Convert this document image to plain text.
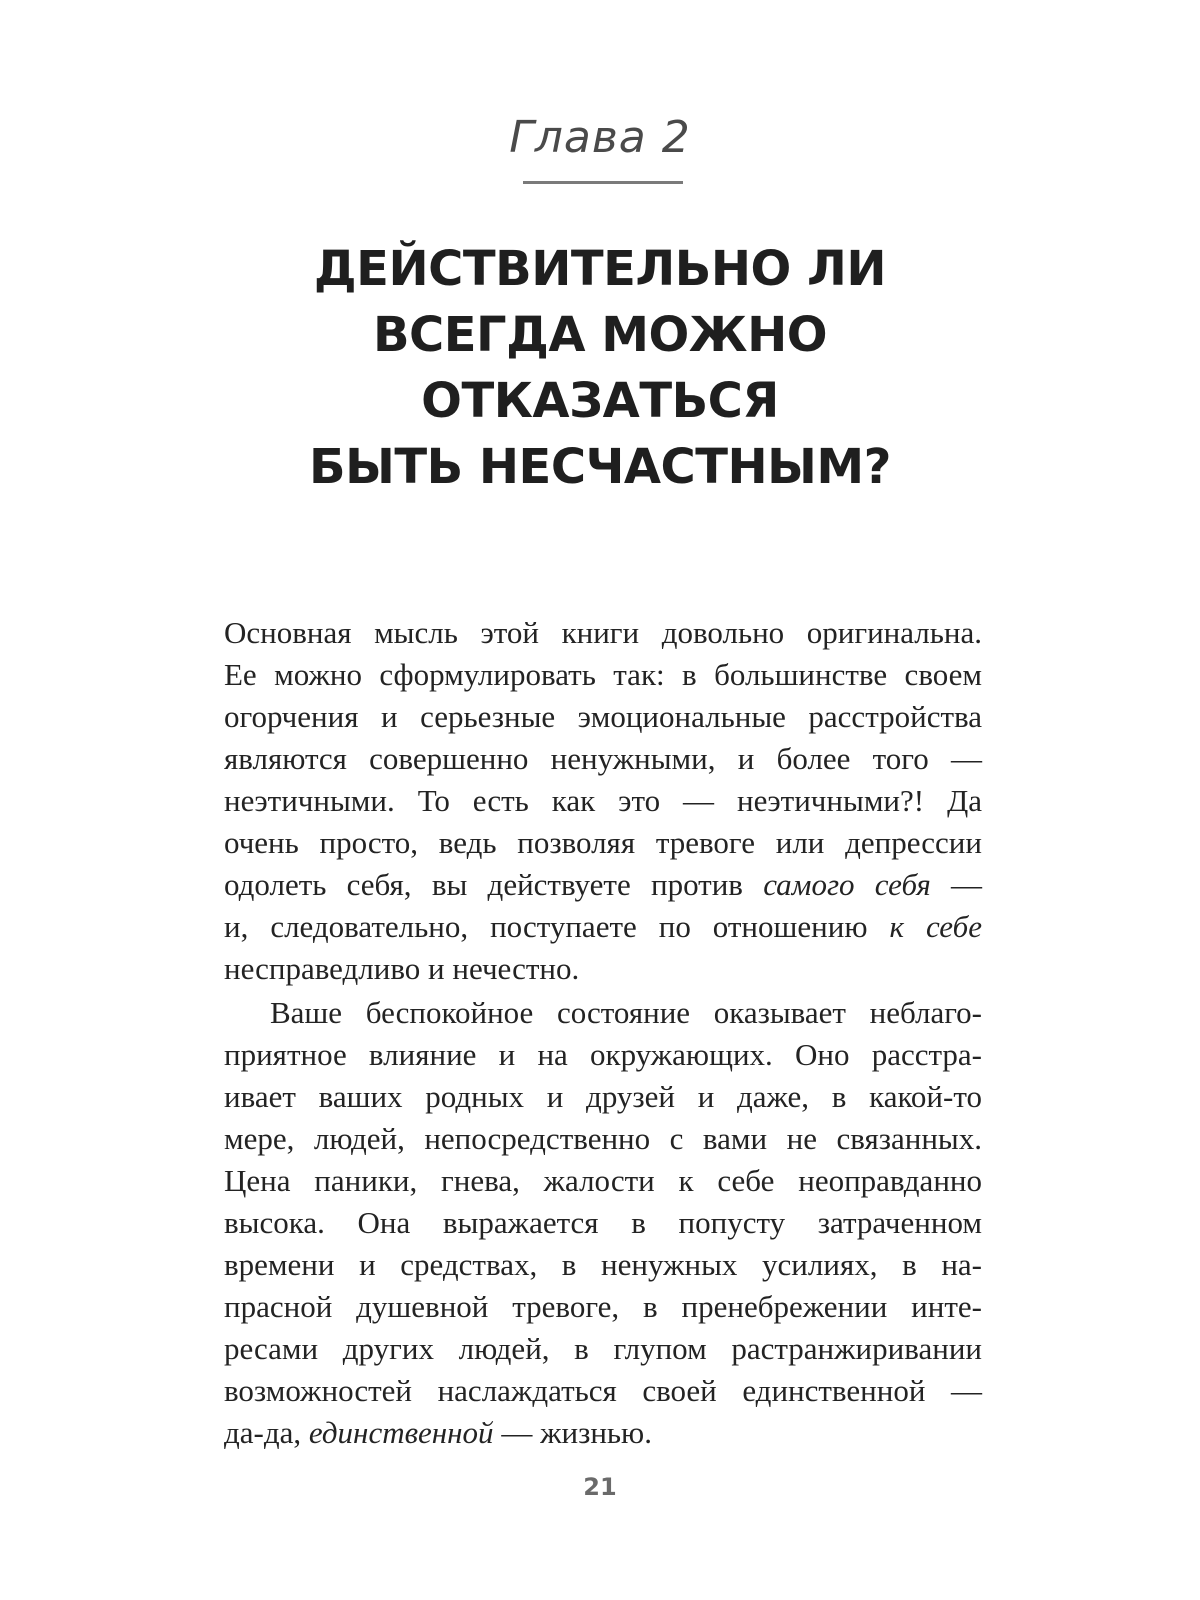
Глава 2
ДЕЙСТВИТЕЛЬНО ЛИ
ВСЕГДА МОЖНО
ОТКАЗАТЬСЯ
БЫТЬ НЕСЧАСТНЫМ?
Основная мысль этой книги довольно оригинальна.
Ее можно сформулировать так: в большинстве своем
огорчения и серьезные эмоциональные расстройства
являются совершенно ненужными, и более того —
неэтичными. То есть как это — неэтичными?! Да
очень просто, ведь позволяя тревоге или депрессии
одолеть себя, вы действуете против самого себя —
и, следовательно, поступаете по отношению к себе
несправедливо и нечестно.
Ваше беспокойное состояние оказывает неблаго-
приятное влияние и на окружающих. Оно расстра-
ивает ваших родных и друзей и даже, в какой-то
мере, людей, непосредственно с вами не связанных.
Цена паники, гнева, жалости к себе неоправданно
высока. Она выражается в попусту затраченном
времени и средствах, в ненужных усилиях, в на-
прасной душевной тревоге, в пренебрежении инте-
ресами других людей, в глупом растранжиривании
возможностей наслаждаться своей единственной —
да-да, единственной — жизнью.
21
